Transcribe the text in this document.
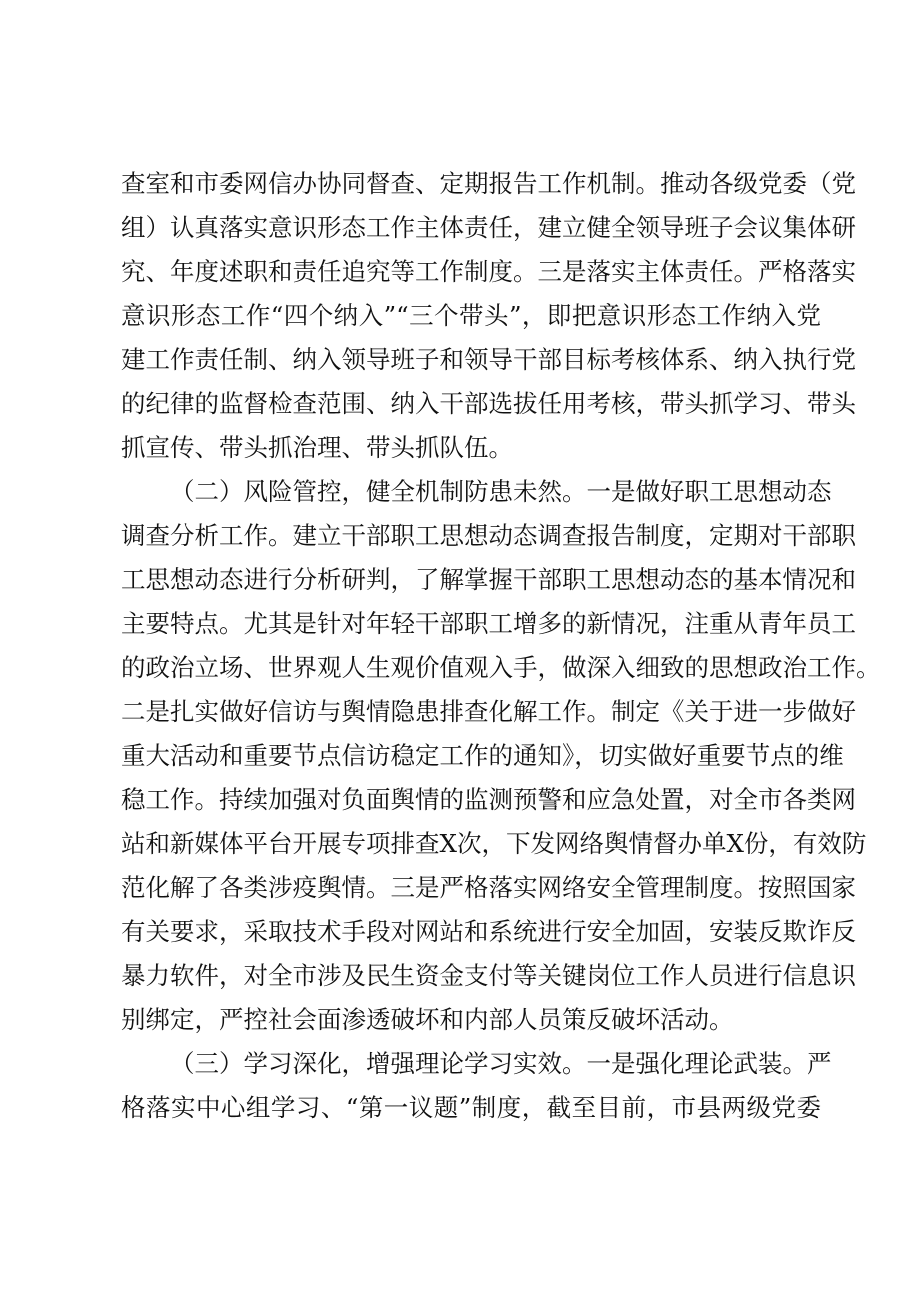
查室和市委网信办协同督查、定期报告工作机制。推动各级党委（党

组）认真落实意识形态工作主体责任，建立健全领导班子会议集体研

究、年度述职和责任追究等工作制度。三是落实主体责任。严格落实

意识形态工作“四个纳入”“三个带头”，即把意识形态工作纳入党

建工作责任制、纳入领导班子和领导干部目标考核体系、纳入执行党

的纪律的监督检查范围、纳入干部选拔任用考核，带头抓学习、带头

抓宣传、带头抓治理、带头抓队伍。

（二）风险管控，健全机制防患未然。一是做好职工思想动态

调查分析工作。建立干部职工思想动态调查报告制度，定期对干部职

工思想动态进行分析研判，了解掌握干部职工思想动态的基本情况和

主要特点。尤其是针对年轻干部职工增多的新情况，注重从青年员工

的政治立场、世界观人生观价值观入手，做深入细致的思想政治工作。

二是扎实做好信访与舆情隐患排查化解工作。制定《关于进一步做好

重大活动和重要节点信访稳定工作的通知》，切实做好重要节点的维

稳工作。持续加强对负面舆情的监测预警和应急处置，对全市各类网

站和新媒体平台开展专项排查X次，下发网络舆情督办单X份，有效防

范化解了各类涉疫舆情。三是严格落实网络安全管理制度。按照国家

有关要求，采取技术手段对网站和系统进行安全加固，安装反欺诈反

暴力软件，对全市涉及民生资金支付等关键岗位工作人员进行信息识

别绑定，严控社会面渗透破坏和内部人员策反破坏活动。

（三）学习深化，增强理论学习实效。一是强化理论武装。严

格落实中心组学习、“第一议题”制度，截至目前，市县两级党委
